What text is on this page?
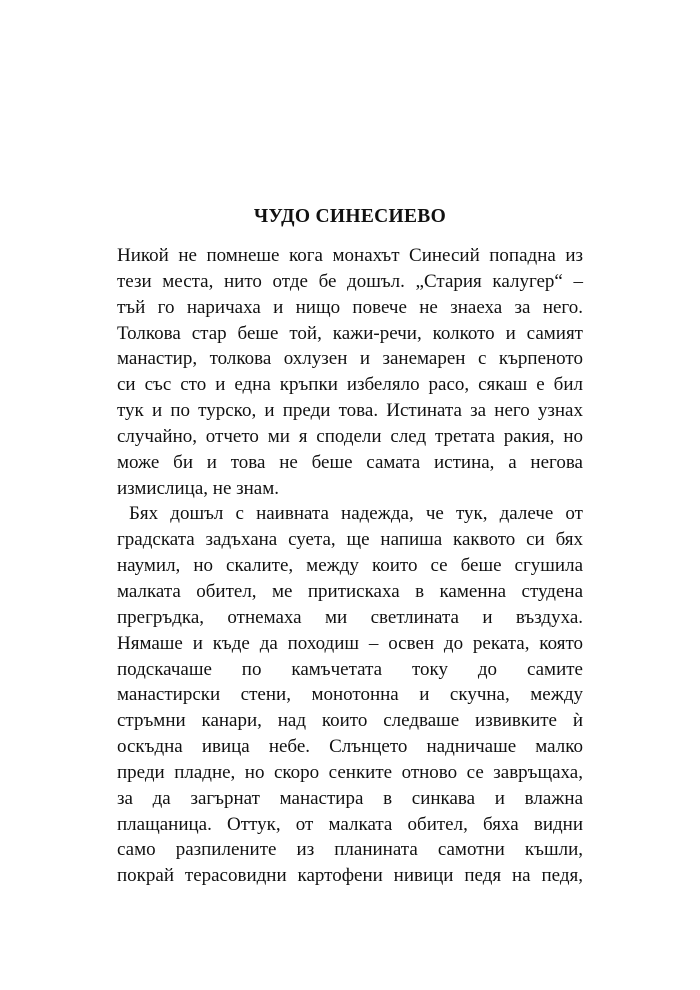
ЧУДО СИНЕСИЕВО
Никой не помнеше кога монахът Синесий попадна из
тези места, нито отде бе дошъл. „Стария калугер“ –
тъй го наричаха и нищо повече не знаеха за него.
Толкова стар беше той, кажи-речи, колкото и самият
манастир, толкова охлузен и занемарен с кърпеното
си със сто и една кръпки избеляло расо, сякаш е бил
тук и по турско, и преди това. Истината за него узнах
случайно, отчето ми я сподели след третата ракия, но
може би и това не беше самата истина, а негова
измислица, не знам.
Бях дошъл с наивната надежда, че тук, далече от
градската задъхана суета, ще напиша каквото си бях
наумил, но скалите, между които се беше сгушила
малката обител, ме притискаха в каменна студена
прегръдка, отнемаха ми светлината и въздуха.
Нямаше и къде да походиш – освен до реката, която
подскачаше по камъчетата току до самите
манастирски стени, монотонна и скучна, между
стръмни канари, над които следваше извивките ѝ
оскъдна ивица небе. Слънцето надничаше малко
преди пладне, но скоро сенките отново се завръщаха,
за да загърнат манастира в синкава и влажна
плащаница. Оттук, от малката обител, бяха видни
само разпилените из планината самотни къшли,
покрай терасовидни картофени нивици педя на педя,
